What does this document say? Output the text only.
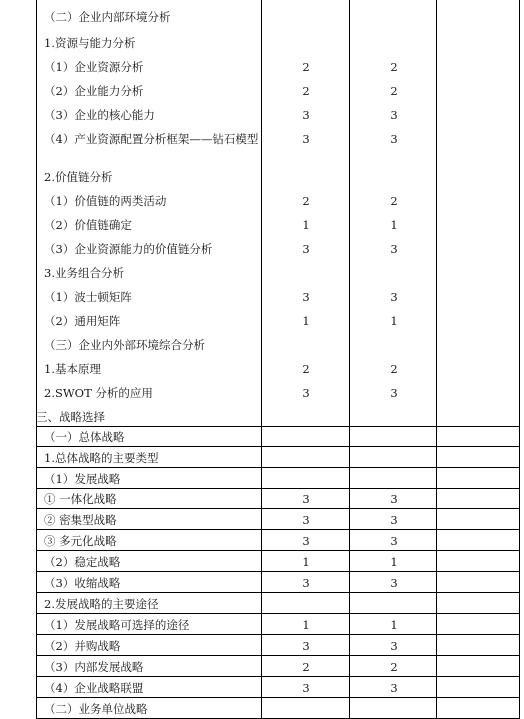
（二）企业内部环境分析
1.资源与能力分析
（1）企业资源分析	2	2
（2）企业能力分析	2	2
（3）企业的核心能力	3	3
（4）产业资源配置分析框架——钻石模型	3	3
2.价值链分析
（1）价值链的两类活动	2	2
（2）价值链确定	1	1
（3）企业资源能力的价值链分析	3	3
3.业务组合分析
（1）波士顿矩阵	3	3
（2）通用矩阵	1	1
（三）企业内外部环境综合分析
1.基本原理	2	2
2.SWOT 分析的应用	3	3
三、战略选择
（一）总体战略
1.总体战略的主要类型
（1）发展战略
① 一体化战略	3	3
② 密集型战略	3	3
③ 多元化战略	3	3
（2）稳定战略	1	1
（3）收缩战略	3	3
2.发展战略的主要途径
（1）发展战略可选择的途径	1	1
（2）并购战略	3	3
（3）内部发展战略	2	2
（4）企业战略联盟	3	3
（二）业务单位战略
